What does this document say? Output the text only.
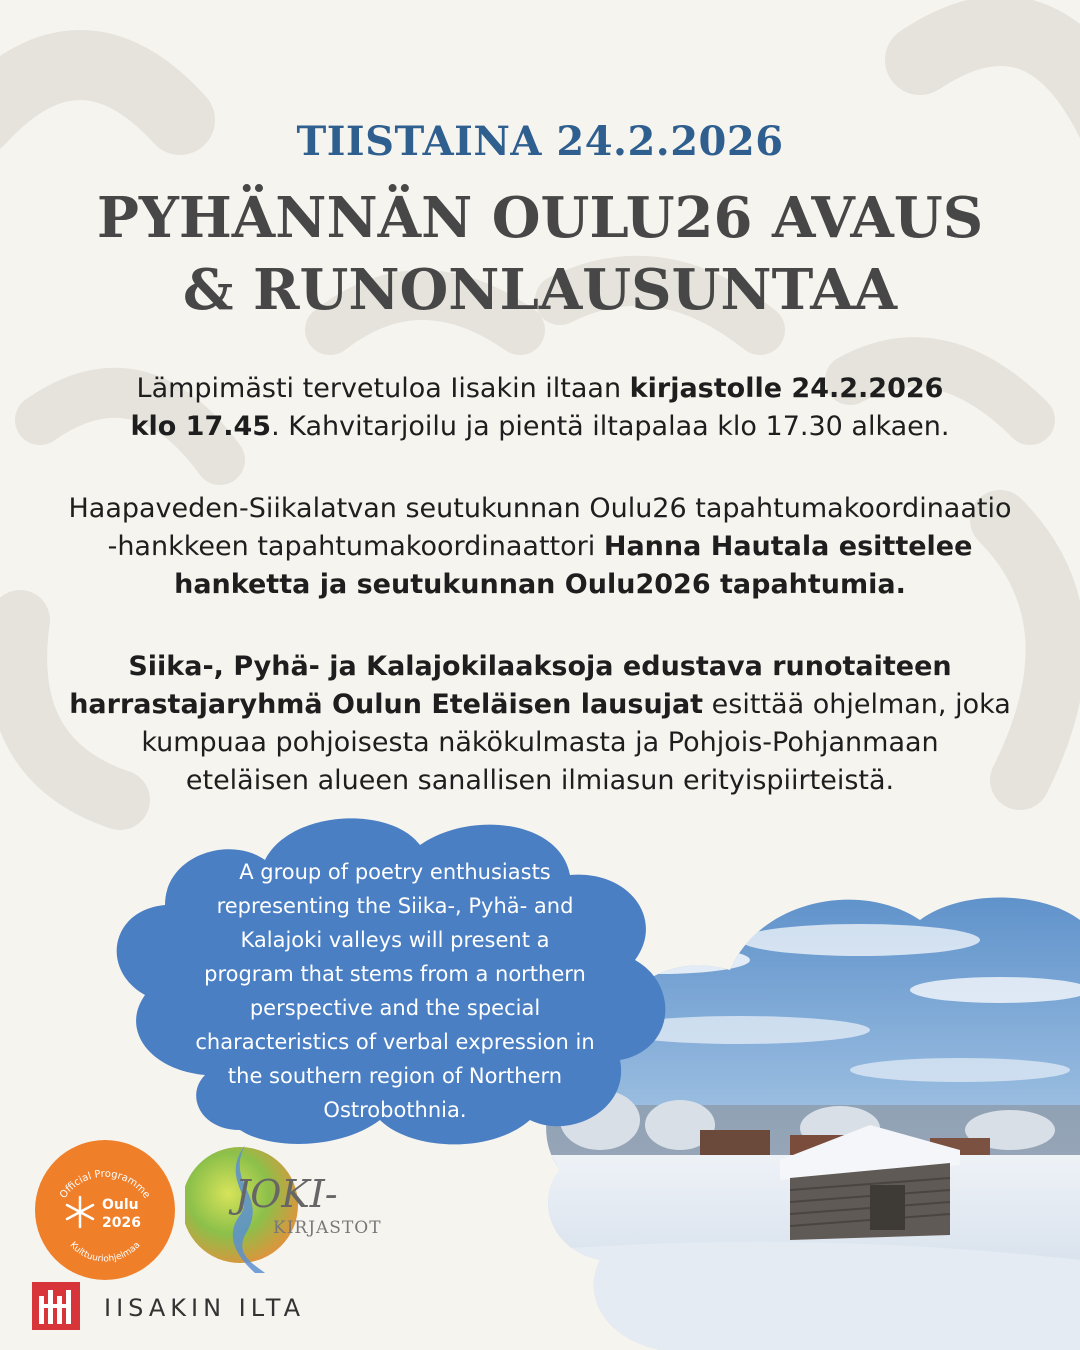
TIISTAINA 24.2.2026
PYHÄNNÄN OULU26 AVAUS
& RUNONLAUSUNTAA
Lämpimästi tervetuloa Iisakin iltaan kirjastolle 24.2.2026
klo 17.45. Kahvitarjoilu ja pientä iltapalaa klo 17.30 alkaen.
Haapaveden-Siikalatvan seutukunnan Oulu26 tapahtumakoordinaatio
-hankkeen tapahtumakoordinaattori Hanna Hautala esittelee
hanketta ja seutukunnan Oulu2026 tapahtumia.
Siika-, Pyhä- ja Kalajokilaaksoja edustava runotaiteen
harrastajaryhmä Oulun Eteläisen lausujat esittää ohjelman, joka
kumpuaa pohjoisesta näkökulmasta ja Pohjois-Pohjanmaan
eteläisen alueen sanallisen ilmiasun erityispiirteistä.
A group of poetry enthusiasts
representing the Siika-, Pyhä- and
Kalajoki valleys will present a
program that stems from a northern
perspective and the special
characteristics of verbal expression in
the southern region of Northern
Ostrobothnia.
Official Programme
Kulttuuriohjelmaa
Oulu
2026
JOKI-
KIRJASTOT
IISAKIN ILTA
